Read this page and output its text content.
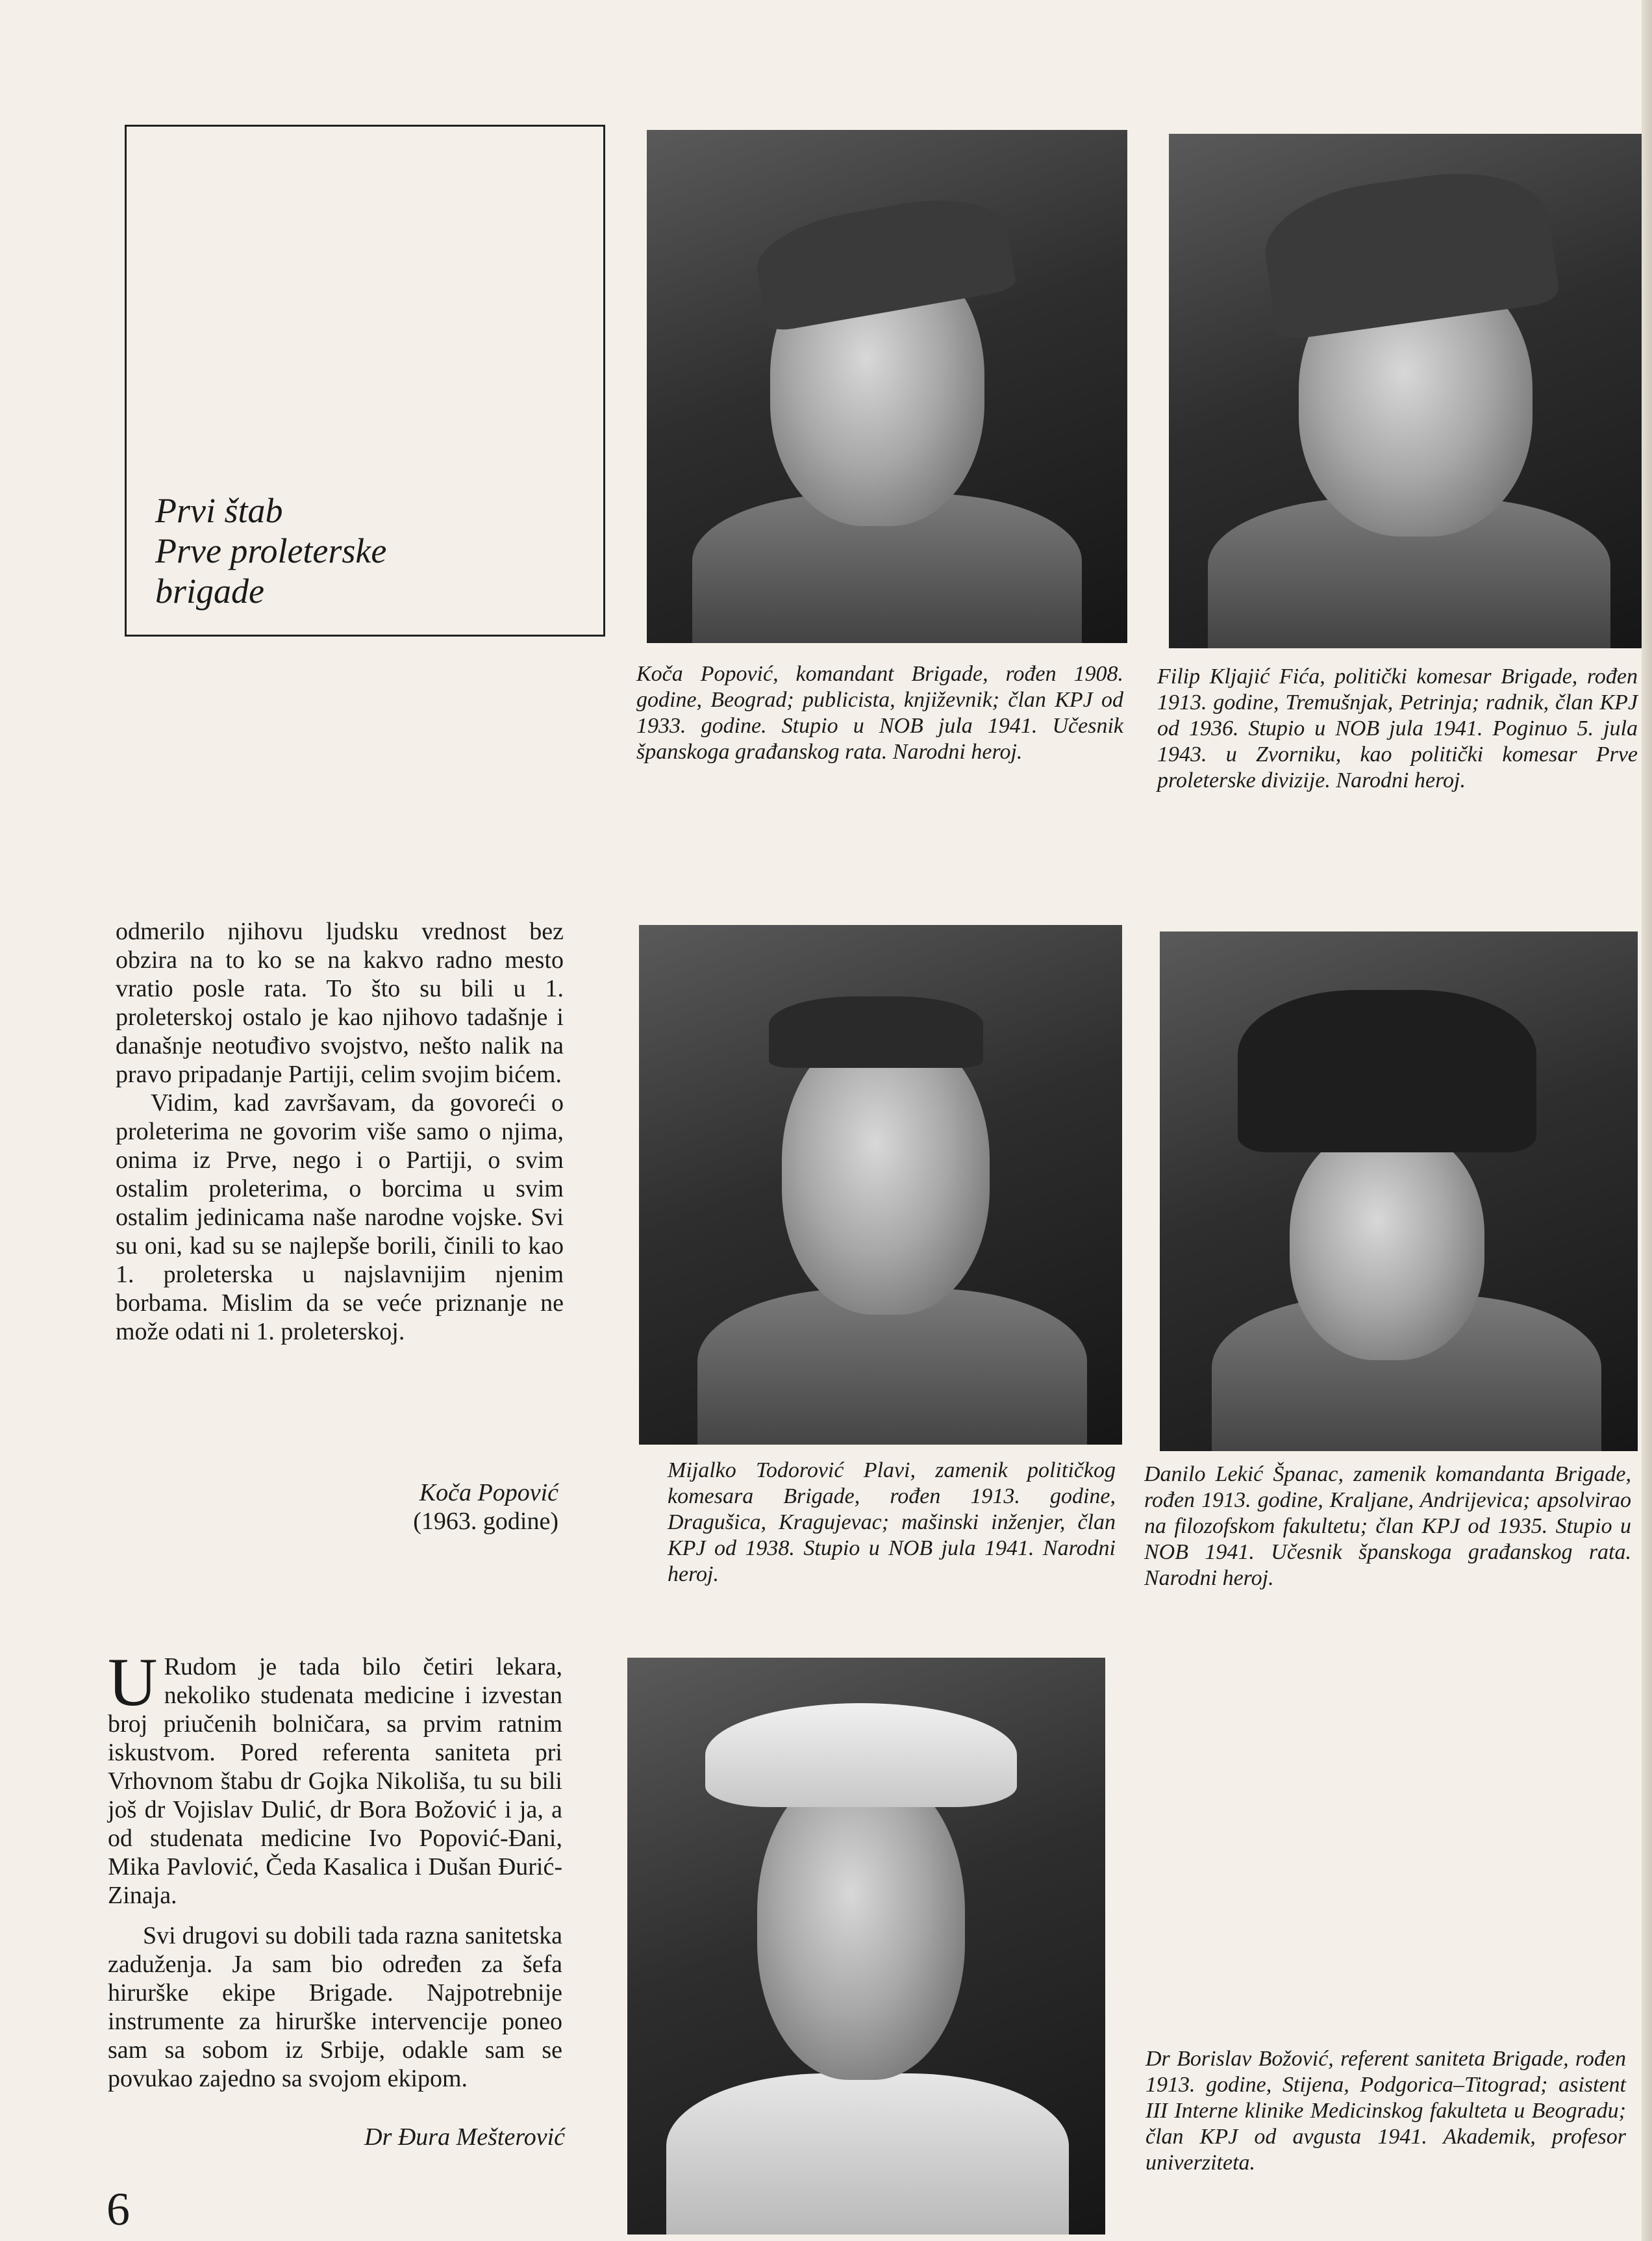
Prvi štab
Prve proleterske
brigade

Koča Popović, komandant Brigade, rođen 1908. godine, Beograd; publicista, književnik; član KPJ od 1933. godine. Stupio u NOB jula 1941. Učesnik španskoga građanskog rata. Narodni heroj.

Filip Kljajić Fića, politički komesar Brigade, rođen 1913. godine, Tremušnjak, Petrinja; radnik, član KPJ od 1936. Stupio u NOB jula 1941. Poginuo 5. jula 1943. u Zvorniku, kao politički komesar Prve proleterske divizije. Narodni heroj.

odmerilo njihovu ljudsku vrednost bez obzira na to ko se na kakvo radno mesto vratio posle rata. To što su bili u 1. proleterskoj ostalo je kao njihovo tadašnje i današnje neotuđivo svojstvo, nešto nalik na pravo pripadanje Partiji, celim svojim bićem.

Vidim, kad završavam, da govoreći o proleterima ne govorim više samo o njima, onima iz Prve, nego i o Partiji, o svim ostalim proleterima, o borcima u svim ostalim jedinicama naše narodne vojske. Svi su oni, kad su se najlepše borili, činili to kao 1. proleterska u najslavnijim njenim borbama. Mislim da se veće priznanje ne može odati ni 1. proleterskoj.

Koča Popović
(1963. godine)

Mijalko Todorović Plavi, zamenik političkog komesara Brigade, rođen 1913. godine, Dragušica, Kragujevac; mašinski inženjer, član KPJ od 1938. Stupio u NOB jula 1941. Narodni heroj.

Danilo Lekić Španac, zamenik komandanta Brigade, rođen 1913. godine, Kraljane, Andrijevica; apsolvirao na filozofskom fakultetu; član KPJ od 1935. Stupio u NOB 1941. Učesnik španskoga građanskog rata. Narodni heroj.

U Rudom je tada bilo četiri lekara, nekoliko studenata medicine i izvestan broj priučenih bolničara, sa prvim ratnim iskustvom. Pored referenta saniteta pri Vrhovnom štabu dr Gojka Nikoliša, tu su bili još dr Vojislav Dulić, dr Bora Božović i ja, a od studenata medicine Ivo Popović-Đani, Mika Pavlović, Čeda Kasalica i Dušan Đurić-Zinaja.

Svi drugovi su dobili tada razna sanitetska zaduženja. Ja sam bio određen za šefa hirurške ekipe Brigade. Najpotrebnije instrumente za hirurške intervencije poneo sam sa sobom iz Srbije, odakle sam se povukao zajedno sa svojom ekipom.

Dr Đura Mešterović

Dr Borislav Božović, referent saniteta Brigade, rođen 1913. godine, Stijena, Podgorica–Titograd; asistent III Interne klinike Medicinskog fakulteta u Beogradu; član KPJ od avgusta 1941. Akademik, profesor univerziteta.

6
